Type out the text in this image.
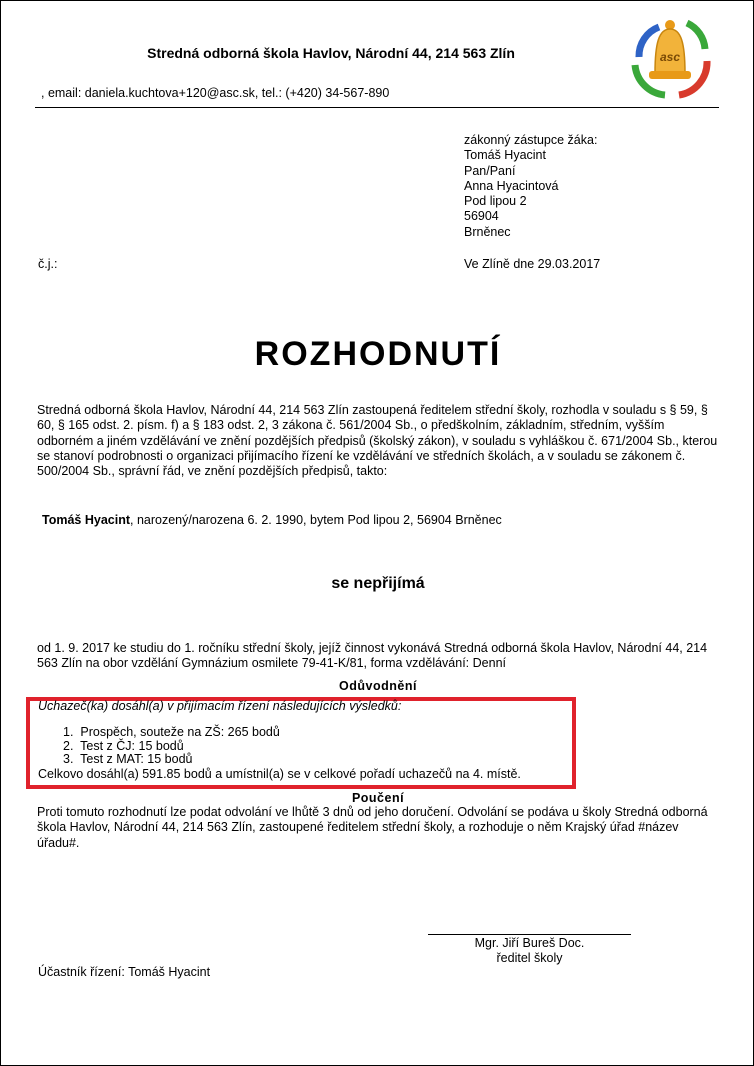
Stredná odborná škola Havlov, Národní 44, 214 563 Zlín
, email: daniela.kuchtova+120@asc.sk, tel.: (+420) 34-567-890
asc
zákonný zástupce žáka:
Tomáš Hyacint
Pan/Paní
Anna Hyacintová
Pod lipou 2
56904
Brněnec
č.j.:	Ve Zlíně dne 29.03.2017
ROZHODNUTÍ
Stredná odborná škola Havlov, Národní 44, 214 563 Zlín zastoupená ředitelem střední školy, rozhodla v souladu s § 59, § 60, § 165 odst. 2. písm. f) a § 183 odst. 2, 3 zákona č. 561/2004 Sb., o předškolním, základním, středním, vyšším odborném a jiném vzdělávání ve znění pozdějších předpisů (školský zákon), v souladu s vyhláškou č. 671/2004 Sb., kterou se stanoví podrobnosti o organizaci přijímacího řízení ke vzdělávání ve středních školách, a v souladu se zákonem č. 500/2004 Sb., správní řád, ve znění pozdějších předpisů, takto:
Tomáš Hyacint, narozený/narozena 6. 2. 1990, bytem Pod lipou 2, 56904 Brněnec
se nepřijímá
od 1. 9. 2017 ke studiu do 1. ročníku střední školy, jejíž činnost vykonává Stredná odborná škola Havlov, Národní 44, 214 563 Zlín na obor vzdělání Gymnázium osmilete 79-41-K/81, forma vzdělávání: Denní
Odůvodnění
Uchazeč(ka) dosáhl(a) v přijímacím řízení následujících výsledků:
1.  Prospěch, souteže na ZŠ: 265 bodů
2.  Test z ČJ: 15 bodů
3.  Test z MAT: 15 bodů
Celkovo dosáhl(a) 591.85 bodů a umístnil(a) se v celkové pořadí uchazečů na 4. místě.
Poučení
Proti tomuto rozhodnutí lze podat odvolání ve lhůtě 3 dnů od jeho doručení. Odvolání se podáva u školy Stredná odborná škola Havlov, Národní 44, 214 563 Zlín, zastoupené ředitelem střední školy, a rozhoduje o něm Krajský úřad #název úřadu#.
Mgr. Jiří Bureš Doc.
ředitel školy
Účastník řízení: Tomáš Hyacint
